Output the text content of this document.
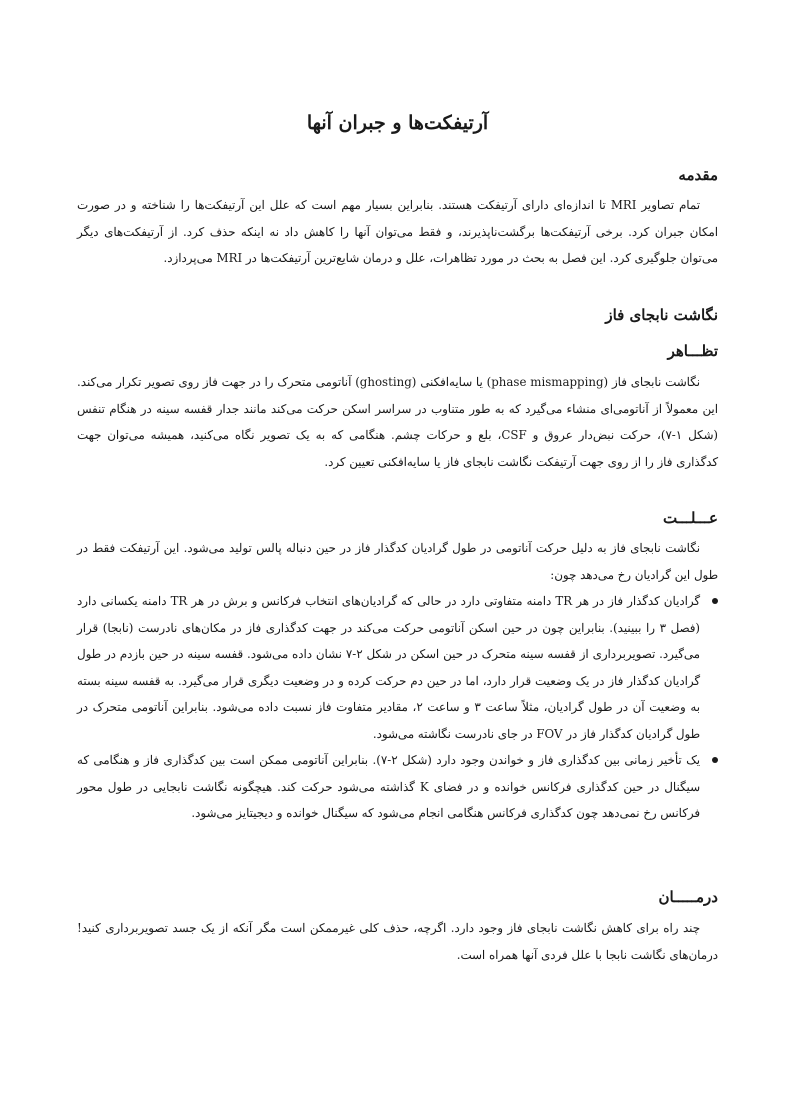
آرتیفکت‌ها و جبران آنها
مقدمه

تمام تصاویر MRI تا اندازه‌ای دارای آرتیفکت هستند. بنابراین بسیار مهم است که علل این آرتیفکت‌ها را شناخته و در صورت امکان جبران کرد. برخی آرتیفکت‌ها برگشت‌ناپذیرند، و فقط می‌توان آنها را کاهش داد نه اینکه حذف کرد. از آرتیفکت‌های دیگر می‌توان جلوگیری کرد. این فصل به بحث در مورد تظاهرات، علل و درمان شایع‌ترین آرتیفکت‌ها در MRI می‌پردازد.

نگاشت نابجای فاز
تظـــاهر

نگاشت نابجای فاز (phase mismapping) یا سایه‌افکنی (ghosting) آناتومی متحرک را در جهت فاز روی تصویر تکرار می‌کند. این معمولاً از آناتومی‌ای منشاء می‌گیرد که به طور متناوب در سراسر اسکن حرکت می‌کند مانند جدار قفسه سینه در هنگام تنفس (شکل ۱-۷)، حرکت نبض‌دار عروق و CSF، بلع و حرکات چشم. هنگامی که به یک تصویر نگاه می‌کنید، همیشه می‌توان جهت کدگذاری فاز را از روی جهت آرتیفکت نگاشت نابجای فاز یا سایه‌افکنی تعیین کرد.

عـــلـــت

نگاشت نابجای فاز به دلیل حرکت آناتومی در طول گرادیان کدگذار فاز در حین دنباله پالس تولید می‌شود. این آرتیفکت فقط در طول این گرادیان رخ می‌دهد چون:

گرادیان کدگذار فاز در هر TR دامنه متفاوتی دارد در حالی که گرادیان‌های انتخاب فرکانس و برش در هر TR دامنه یکسانی دارد (فصل ۳ را ببینید). بنابراین چون در حین اسکن آناتومی حرکت می‌کند در جهت کدگذاری فاز در مکان‌های نادرست (نابجا) قرار می‌گیرد. تصویربرداری از قفسه سینه متحرک در حین اسکن در شکل ۲-۷ نشان داده می‌شود. قفسه سینه در حین بازدم در طول گرادیان کدگذار فاز در یک وضعیت قرار دارد، اما در حین دم حرکت کرده و در وضعیت دیگری قرار می‌گیرد. به قفسه سینه بسته به وضعیت آن در طول گرادیان، مثلاً ساعت ۳ و ساعت ۲، مقادیر متفاوت فاز نسبت داده می‌شود. بنابراین آناتومی متحرک در طول گرادیان کدگذار فاز در FOV در جای نادرست نگاشته می‌شود.
یک تأخیر زمانی بین کدگذاری فاز و خواندن وجود دارد (شکل ۲-۷). بنابراین آناتومی ممکن است بین کدگذاری فاز و هنگامی که سیگنال در حین کدگذاری فرکانس خوانده و در فضای K گذاشته می‌شود حرکت کند. هیچگونه نگاشت نابجایی در طول محور فرکانس رخ نمی‌دهد چون کدگذاری فرکانس هنگامی انجام می‌شود که سیگنال خوانده و دیجیتایز می‌شود.
درمـــــان

چند راه برای کاهش نگاشت نابجای فاز وجود دارد. اگرچه، حذف کلی غیرممکن است مگر آنکه از یک جسد تصویربرداری کنید! درمان‌های نگاشت نابجا با علل فردی آنها همراه است.
